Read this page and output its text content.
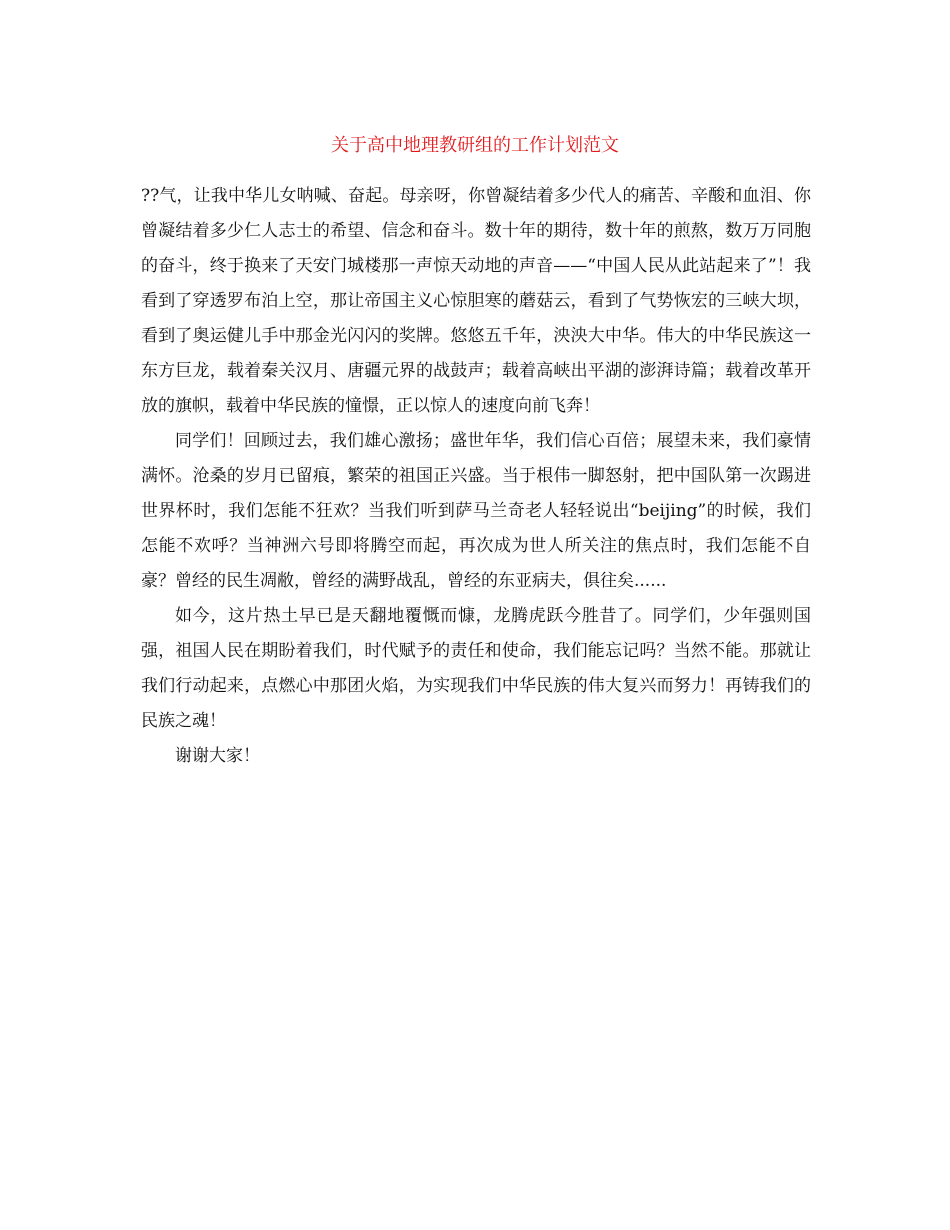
关于高中地理教研组的工作计划范文

??气，让我中华儿女呐喊、奋起。母亲呀，你曾凝结着多少代人的痛苦、辛酸和血泪、你曾凝结着多少仁人志士的希望、信念和奋斗。数十年的期待，数十年的煎熬，数万万同胞的奋斗，终于换来了天安门城楼那一声惊天动地的声音——“中国人民从此站起来了”！我看到了穿透罗布泊上空，那让帝国主义心惊胆寒的蘑菇云，看到了气势恢宏的三峡大坝，看到了奥运健儿手中那金光闪闪的奖牌。悠悠五千年，泱泱大中华。伟大的中华民族这一东方巨龙，载着秦关汉月、唐疆元界的战鼓声；载着高峡出平湖的澎湃诗篇；载着改革开放的旗帜，载着中华民族的憧憬，正以惊人的速度向前飞奔！

同学们！回顾过去，我们雄心激扬；盛世年华，我们信心百倍；展望未来，我们豪情满怀。沧桑的岁月已留痕，繁荣的祖国正兴盛。当于根伟一脚怒射，把中国队第一次踢进世界杯时，我们怎能不狂欢？当我们听到萨马兰奇老人轻轻说出“beijing”的时候，我们怎能不欢呼？当神洲六号即将腾空而起，再次成为世人所关注的焦点时，我们怎能不自豪？曾经的民生凋敝，曾经的满野战乱，曾经的东亚病夫，俱往矣......

如今，这片热土早已是天翻地覆慨而慷，龙腾虎跃今胜昔了。同学们，少年强则国强，祖国人民在期盼着我们，时代赋予的责任和使命，我们能忘记吗？当然不能。那就让我们行动起来，点燃心中那团火焰，为实现我们中华民族的伟大复兴而努力！再铸我们的民族之魂！

谢谢大家！
